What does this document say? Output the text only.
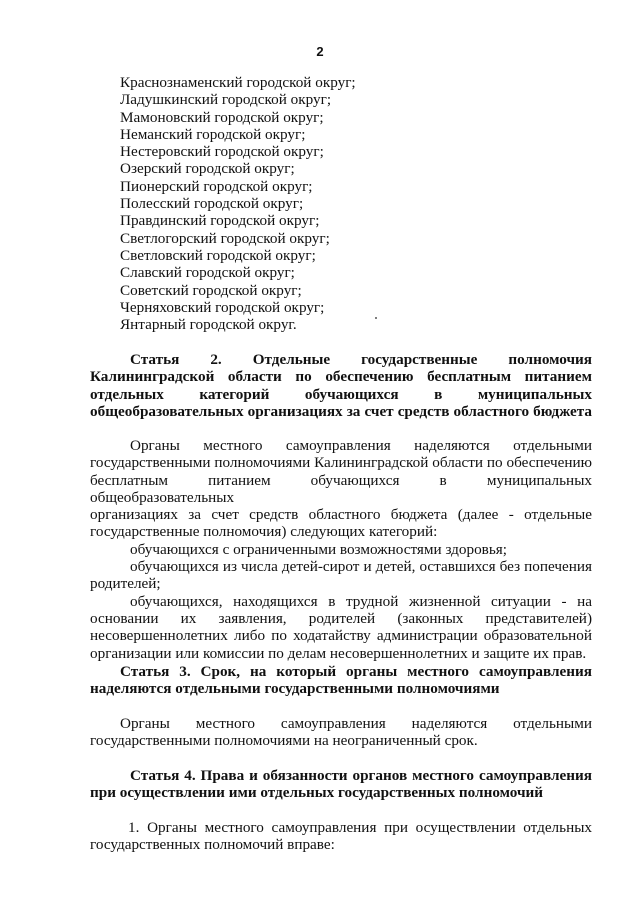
2
Краснознаменский городской округ;
Ладушкинский городской округ;
Мамоновский городской округ;
Неманский городской округ;
Нестеровский городской округ;
Озерский городской округ;
Пионерский городской округ;
Полесский городской округ;
Правдинский городской округ;
Светлогорский городской округ;
Светловский городской округ;
Славский городской округ;
Советский городской округ;
Черняховский городской округ;
Янтарный городской округ.
Статья 2. Отдельные государственные полномочия
Калининградской области по обеспечению бесплатным питанием
отдельных категорий обучающихся в муниципальных
общеобразовательных организациях за счет средств областного бюджета
Органы местного самоуправления наделяются отдельными
государственными полномочиями Калининградской области по обеспечению
бесплатным питанием обучающихся в муниципальных общеобразовательных
организациях за счет средств областного бюджета (далее - отдельные
государственные полномочия) следующих категорий:
обучающихся с ограниченными возможностями здоровья;
обучающихся из числа детей-сирот и детей, оставшихся без попечения
родителей;
обучающихся, находящихся в трудной жизненной ситуации - на
основании их заявления, родителей (законных представителей)
несовершеннолетних либо по ходатайству администрации образовательной
организации или комиссии по делам несовершеннолетних и защите их прав.
Статья 3. Срок, на который органы местного самоуправления
наделяются отдельными государственными полномочиями
Органы местного самоуправления наделяются отдельными
государственными полномочиями на неограниченный срок.
Статья 4. Права и обязанности органов местного самоуправления
при осуществлении ими отдельных государственных полномочий
1. Органы местного самоуправления при осуществлении отдельных
государственных полномочий вправе:
